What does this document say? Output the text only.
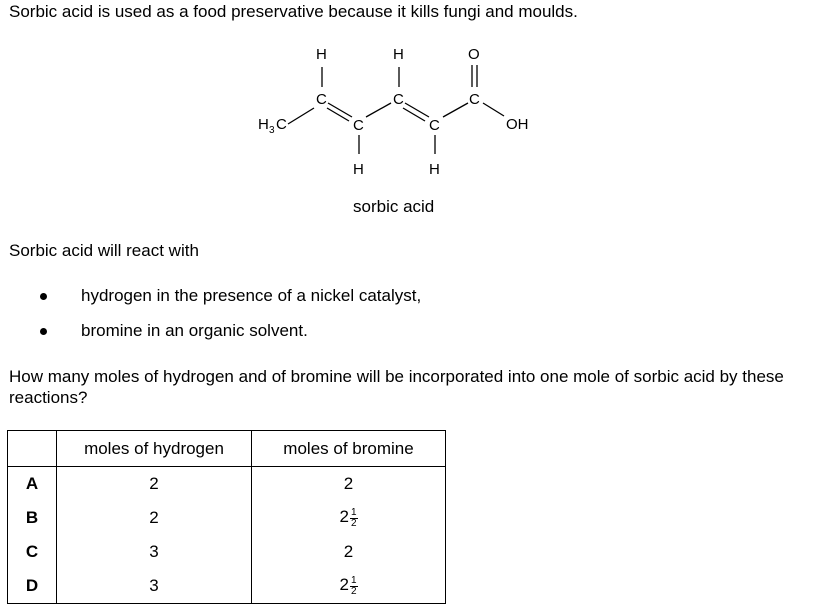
Sorbic acid is used as a food preservative because it kills fungi and moulds.
H	H	O
C	C	C
C	C
H 3 C	OH
H	H
sorbic acid
Sorbic acid will react with
hydrogen in the presence of a nickel catalyst,
bromine in an organic solvent.
How many moles of hydrogen and of bromine will be incorporated into one mole of sorbic acid by these reactions?
	moles of hydrogen	moles of bromine
A	2	2
B	2	$2 \frac{1}{2}$

C	3	2
D	3	$2 \frac{1}{2}$
